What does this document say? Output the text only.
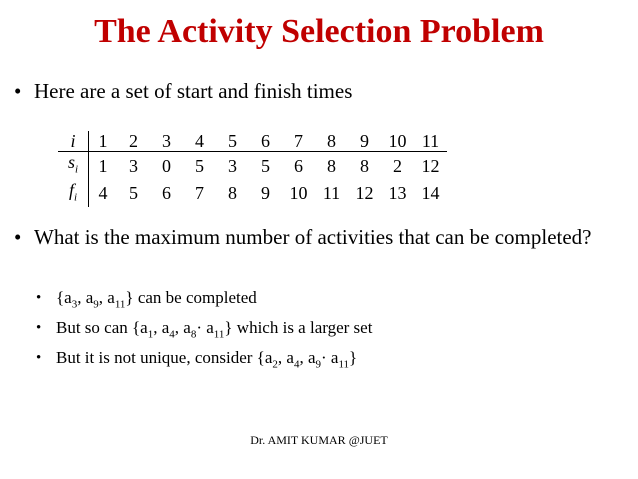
The Activity Selection Problem
• Here are a set of start and finish times
i	1	2	3	4	5	6	7	8	9	10	11
$s_i$	1	3	0	5	3	5	6	8	8	2	12
$f_i$	4	5	6	7	8	9	10	11	12	13	14
• What is the maximum number of activities that can be completed?
• {$a_3$, $a_9$, $a_{11}$} can be completed
• But so can {$a_1$, $a_4$, $a_8\cdot a_{11}$} which is a larger set
• But it is not unique, consider {$a_2$, $a_4$, $a_9\cdot a_{11}$}
Dr. AMIT KUMAR @JUET
